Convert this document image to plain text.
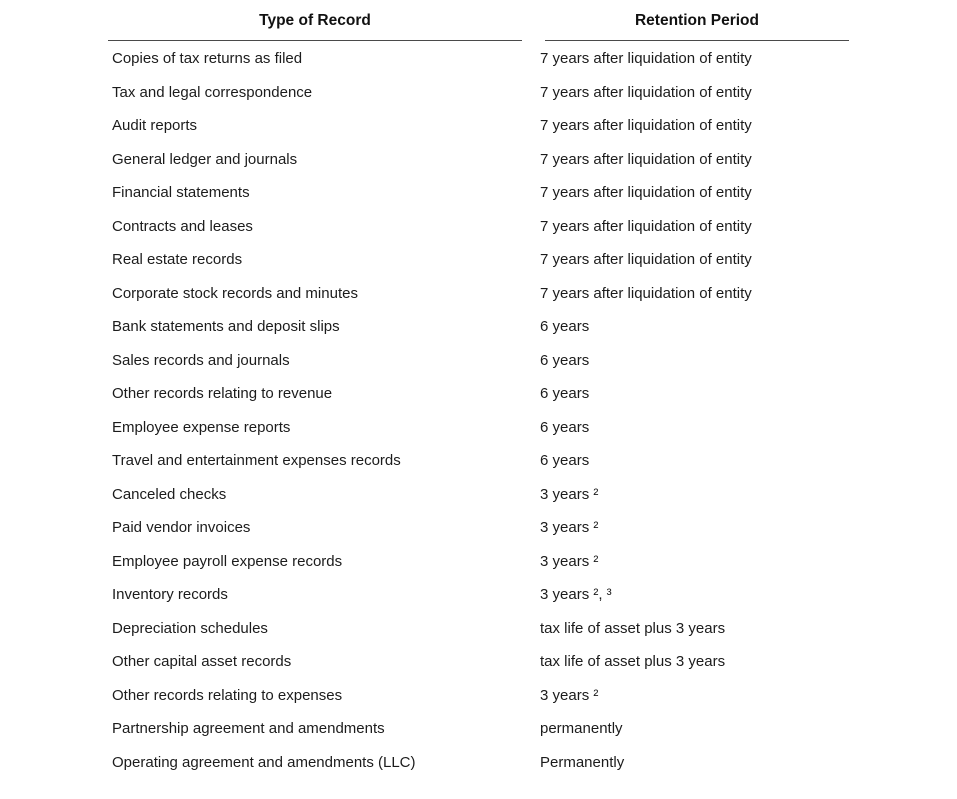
Type of Record	Retention Period
Copies of tax returns as filed	7 years after liquidation of entity
Tax and legal correspondence	7 years after liquidation of entity
Audit reports	7 years after liquidation of entity
General ledger and journals	7 years after liquidation of entity
Financial statements	7 years after liquidation of entity
Contracts and leases	7 years after liquidation of entity
Real estate records	7 years after liquidation of entity
Corporate stock records and minutes	7 years after liquidation of entity
Bank statements and deposit slips	6 years
Sales records and journals	6 years
Other records relating to revenue	6 years
Employee expense reports	6 years
Travel and entertainment expenses records	6 years
Canceled checks	3 years ²
Paid vendor invoices	3 years ²
Employee payroll expense records	3 years ²
Inventory records	3 years ², ³
Depreciation schedules	tax life of asset plus 3 years
Other capital asset records	tax life of asset plus 3 years
Other records relating to expenses	3 years ²
Partnership agreement and amendments	permanently
Operating agreement and amendments (LLC)	Permanently
